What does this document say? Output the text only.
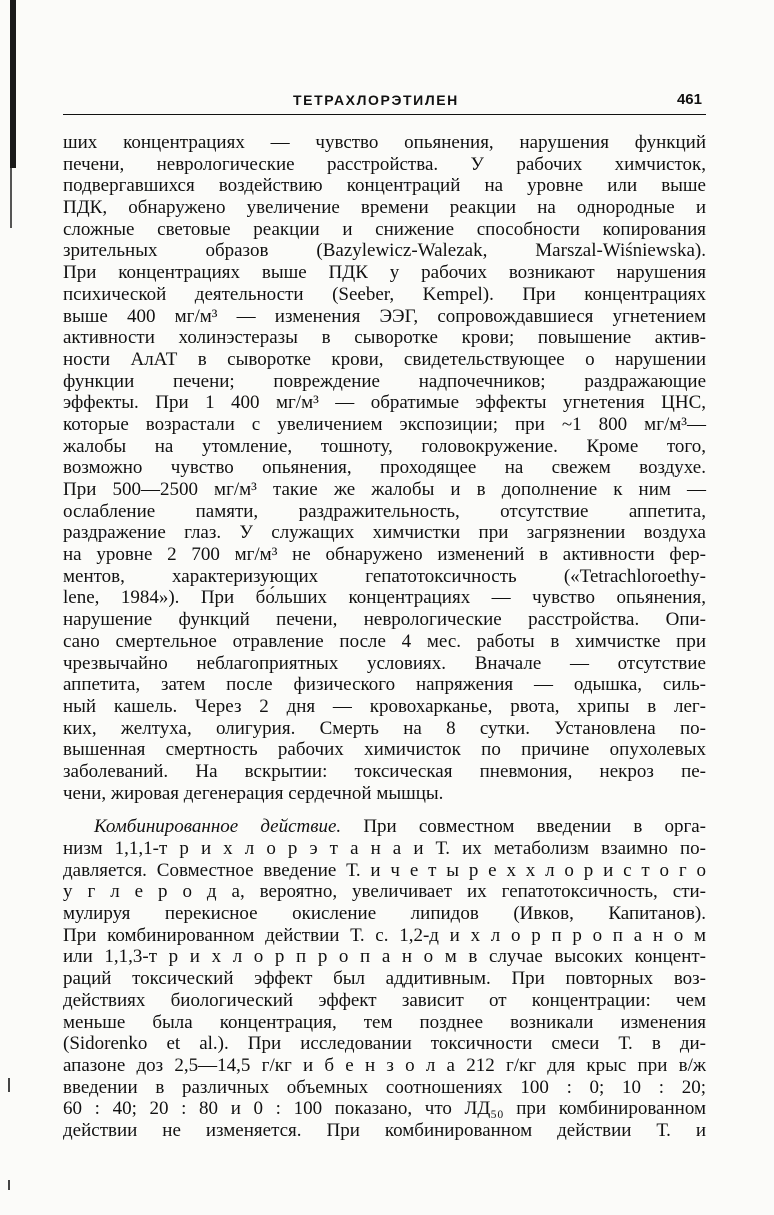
ТЕТРАХЛОРЭТИЛЕН	461
ших концентрациях — чувство опьянения, нарушения функций
печени, неврологические расстройства. У рабочих химчисток,
подвергавшихся воздействию концентраций на уровне или выше
ПДК, обнаружено увеличение времени реакции на однородные и
сложные световые реакции и снижение способности копирования
зрительных образов (Bazylewicz-Walezak, Marszal-Wiśniewska).
При концентрациях выше ПДК у рабочих возникают нарушения
психической деятельности (Seeber, Kempel). При концентрациях
выше 400 мг/м³ — изменения ЭЭГ, сопровождавшиеся угнетением
активности холинэстеразы в сыворотке крови; повышение актив-
ности АлАТ в сыворотке крови, свидетельствующее о нарушении
функции печени; повреждение надпочечников; раздражающие
эффекты. При 1 400 мг/м³ — обратимые эффекты угнетения ЦНС,
которые возрастали с увеличением экспозиции; при ~1 800 мг/м³—
жалобы на утомление, тошноту, головокружение. Кроме того,
возможно чувство опьянения, проходящее на свежем воздухе.
При 500—2500 мг/м³ такие же жалобы и в дополнение к ним —
ослабление памяти, раздражительность, отсутствие аппетита,
раздражение глаз. У служащих химчистки при загрязнении воздуха
на уровне 2 700 мг/м³ не обнаружено изменений в активности фер-
ментов, характеризующих гепатотоксичность («Tetrachloroethy-
lene, 1984»). При бо́льших концентрациях — чувство опьянения,
нарушение функций печени, неврологические расстройства. Опи-
сано смертельное отравление после 4 мес. работы в химчистке при
чрезвычайно неблагоприятных условиях. Вначале — отсутствие
аппетита, затем после физического напряжения — одышка, силь-
ный кашель. Через 2 дня — кровохарканье, рвота, хрипы в лег-
ких, желтуха, олигурия. Смерть на 8 сутки. Установлена по-
вышенная смертность рабочих химичисток по причине опухолевых
заболеваний. На вскрытии: токсическая пневмония, некроз пе-
чени, жировая дегенерация сердечной мышцы.
Комбинированное действие. При совместном введении в орга-
низм 1,1,1-т р и х л о р э т а н а и Т. их метаболизм взаимно по-
давляется. Совместное введение Т. и ч е т ы р е х х л о р и с т о г о
у г л е р о д а, вероятно, увеличивает их гепатотоксичность, сти-
мулируя перекисное окисление липидов (Ивков, Капитанов).
При комбинированном действии Т. с. 1,2-д и х л о р п р о п а н о м
или 1,1,3-т р и х л о р п р о п а н о м в случае высоких концент-
раций токсический эффект был аддитивным. При повторных воз-
действиях биологический эффект зависит от концентрации: чем
меньше была концентрация, тем позднее возникали изменения
(Sidorenko et al.). При исследовании токсичности смеси Т. в ди-
апазоне доз 2,5—14,5 г/кг и б е н з о л а 212 г/кг для крыс при в/ж
введении в различных объемных соотношениях 100 : 0; 10 : 20;
60 : 40; 20 : 80 и 0 : 100 показано, что ЛД₅₀ при комбинированном
действии не изменяется. При комбинированном действии Т. и
